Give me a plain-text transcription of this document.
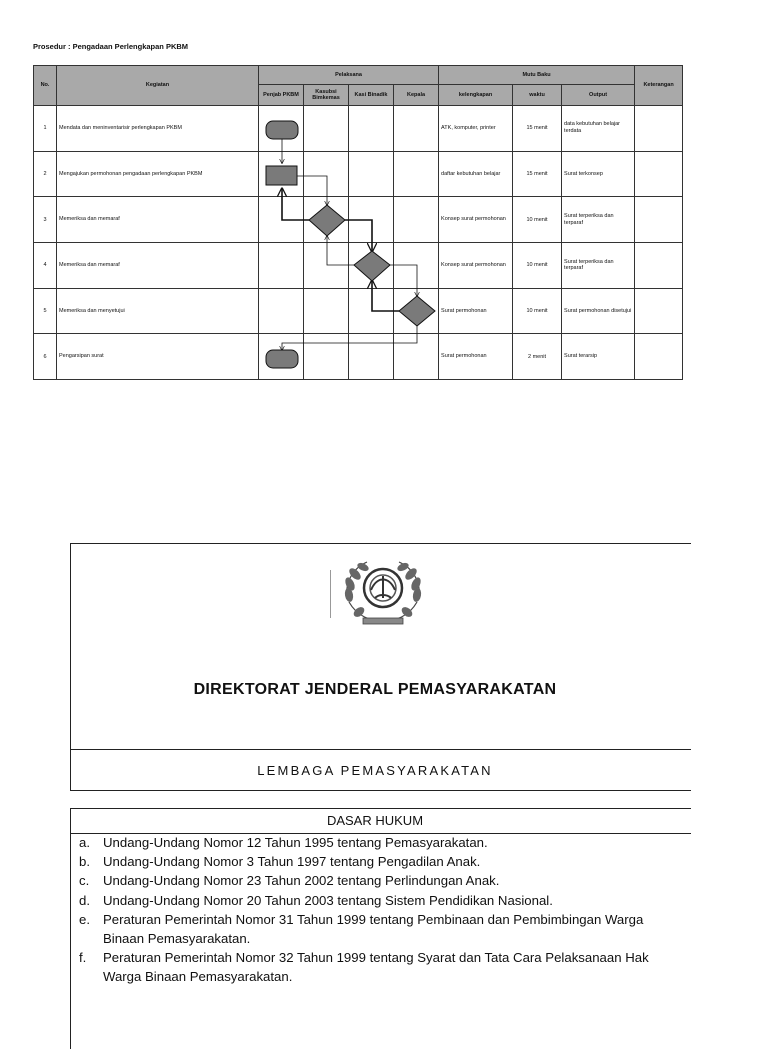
Prosedur : Pengadaan Perlengkapan PKBM
No.	Kegiatan	Pelaksana				Mutu Baku			Keterangan
		Penjab PKBM	Kasubsi Bimkemas	Kasi Binadik	Kepala	kelengkapan	waktu	Output	
1	Mendata dan meninventarisir perlengkapan PKBM					ATK, komputer, printer	15 menit	data kebutuhan belajar terdata	
2	Mengajukan permohonan pengadaan perlengkapan PKBM					daftar kebutuhan belajar	15 menit	Surat terkonsep	
3	Memeriksa dan memaraf					Konsep surat permohonan	10 menit	Surat terperiksa dan terparaf	
4	Memeriksa dan memaraf					Konsep surat permohonan	10 menit	Surat terperiksa dan terparaf	
5	Memeriksa dan menyetujui					Surat permohonan	10 menit	Surat permohonan disetujui	
6	Pengarsipan surat					Surat permohonan	2 menit	Surat terarsip	
DIREKTORAT JENDERAL PEMASYARAKATAN
LEMBAGA PEMASYARAKATAN
DASAR HUKUM
a. Undang-Undang Nomor 12 Tahun 1995 tentang Pemasyarakatan.
b. Undang-Undang Nomor 3 Tahun 1997 tentang Pengadilan Anak.
c. Undang-Undang Nomor 23 Tahun 2002 tentang Perlindungan Anak.
d. Undang-Undang Nomor 20 Tahun 2003 tentang Sistem Pendidikan Nasional.
e. Peraturan Pemerintah Nomor 31 Tahun 1999 tentang Pembinaan dan Pembimbingan Warga Binaan Pemasyarakatan.
f. Peraturan Pemerintah Nomor 32 Tahun 1999 tentang Syarat dan Tata Cara Pelaksanaan Hak Warga Binaan Pemasyarakatan.
